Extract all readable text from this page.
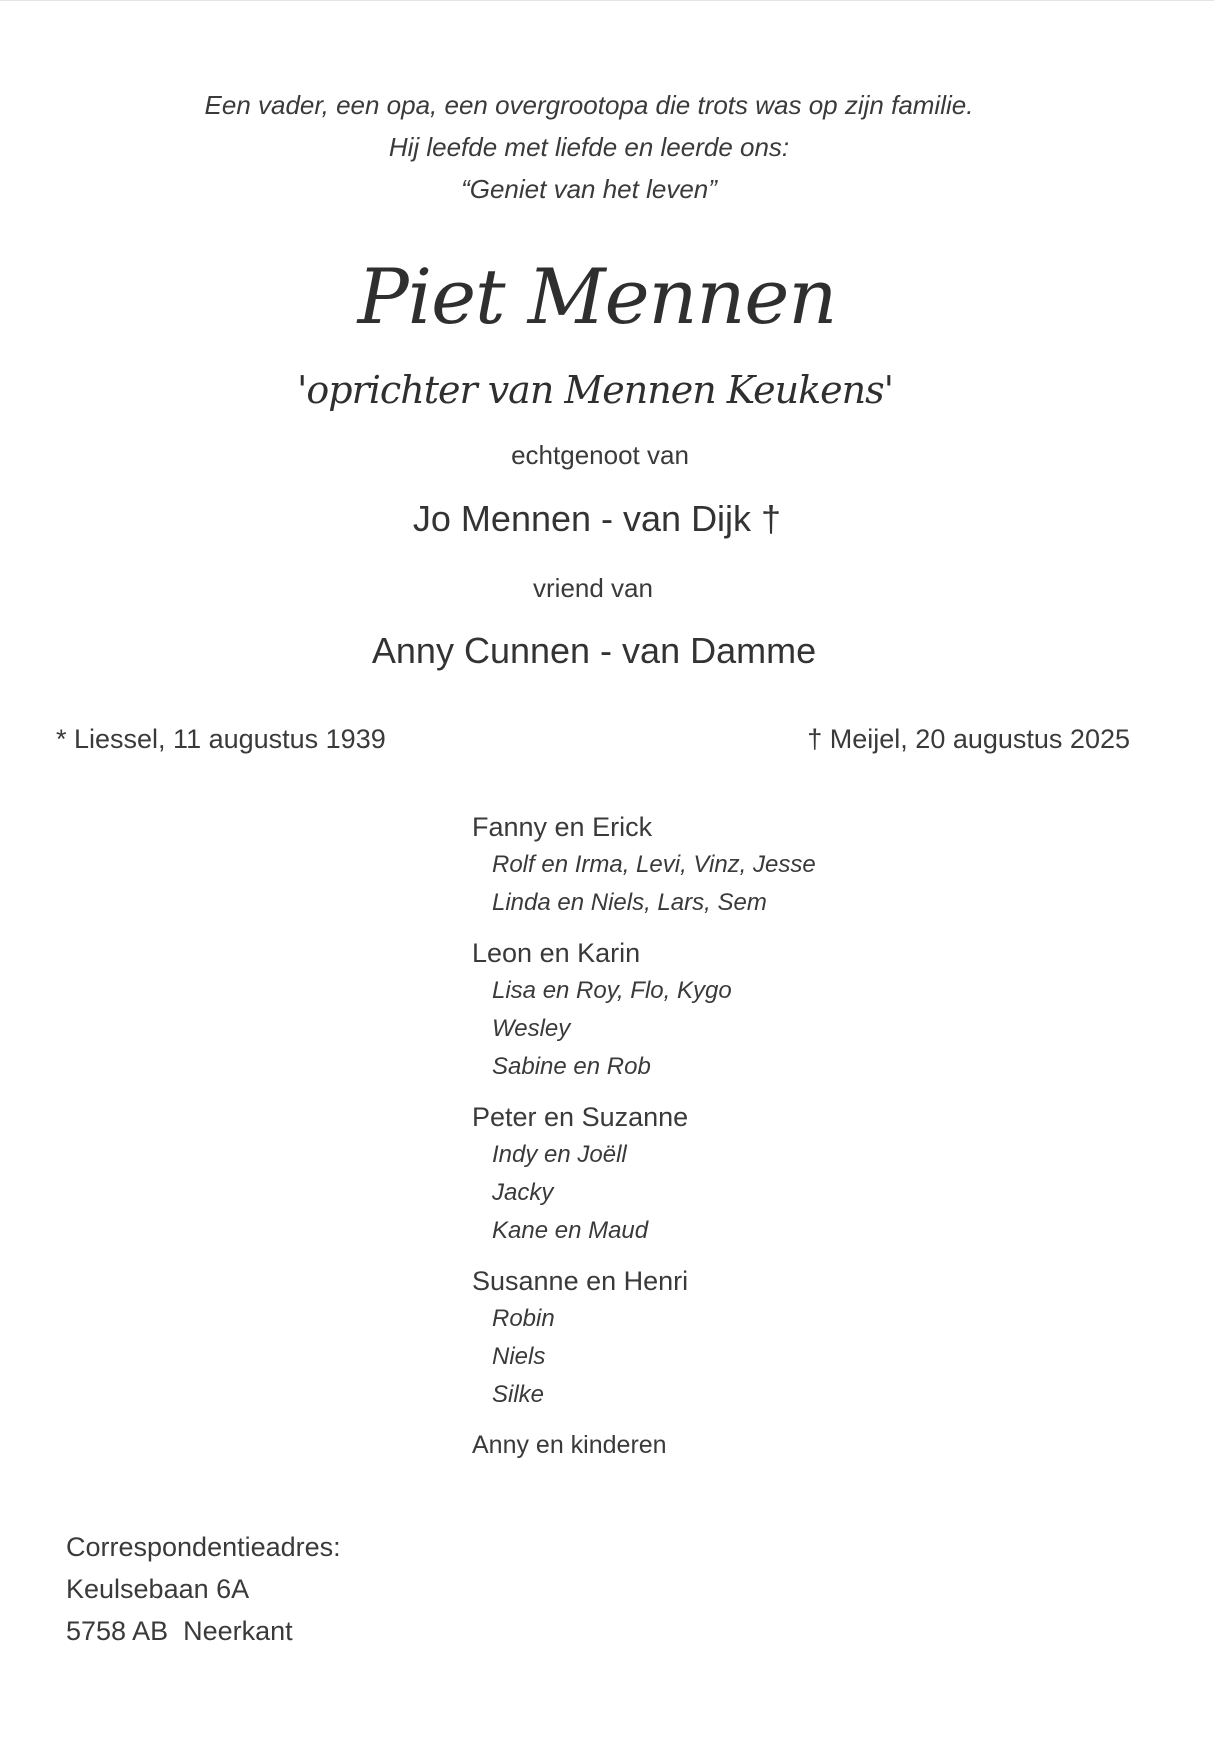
Een vader, een opa, een overgrootopa die trots was op zijn familie.
Hij leefde met liefde en leerde ons:
“Geniet van het leven”
Piet Mennen
'oprichter van Mennen Keukens'
echtgenoot van
Jo Mennen - van Dijk †
vriend van
Anny Cunnen - van Damme
* Liessel, 11 augustus 1939	† Meijel, 20 augustus 2025
Fanny en Erick
Rolf en Irma, Levi, Vinz, Jesse
Linda en Niels, Lars, Sem
Leon en Karin
Lisa en Roy, Flo, Kygo
Wesley
Sabine en Rob
Peter en Suzanne
Indy en Joëll
Jacky
Kane en Maud
Susanne en Henri
Robin
Niels
Silke
Anny en kinderen
Correspondentieadres:
Keulsebaan 6A
5758 AB  Neerkant
